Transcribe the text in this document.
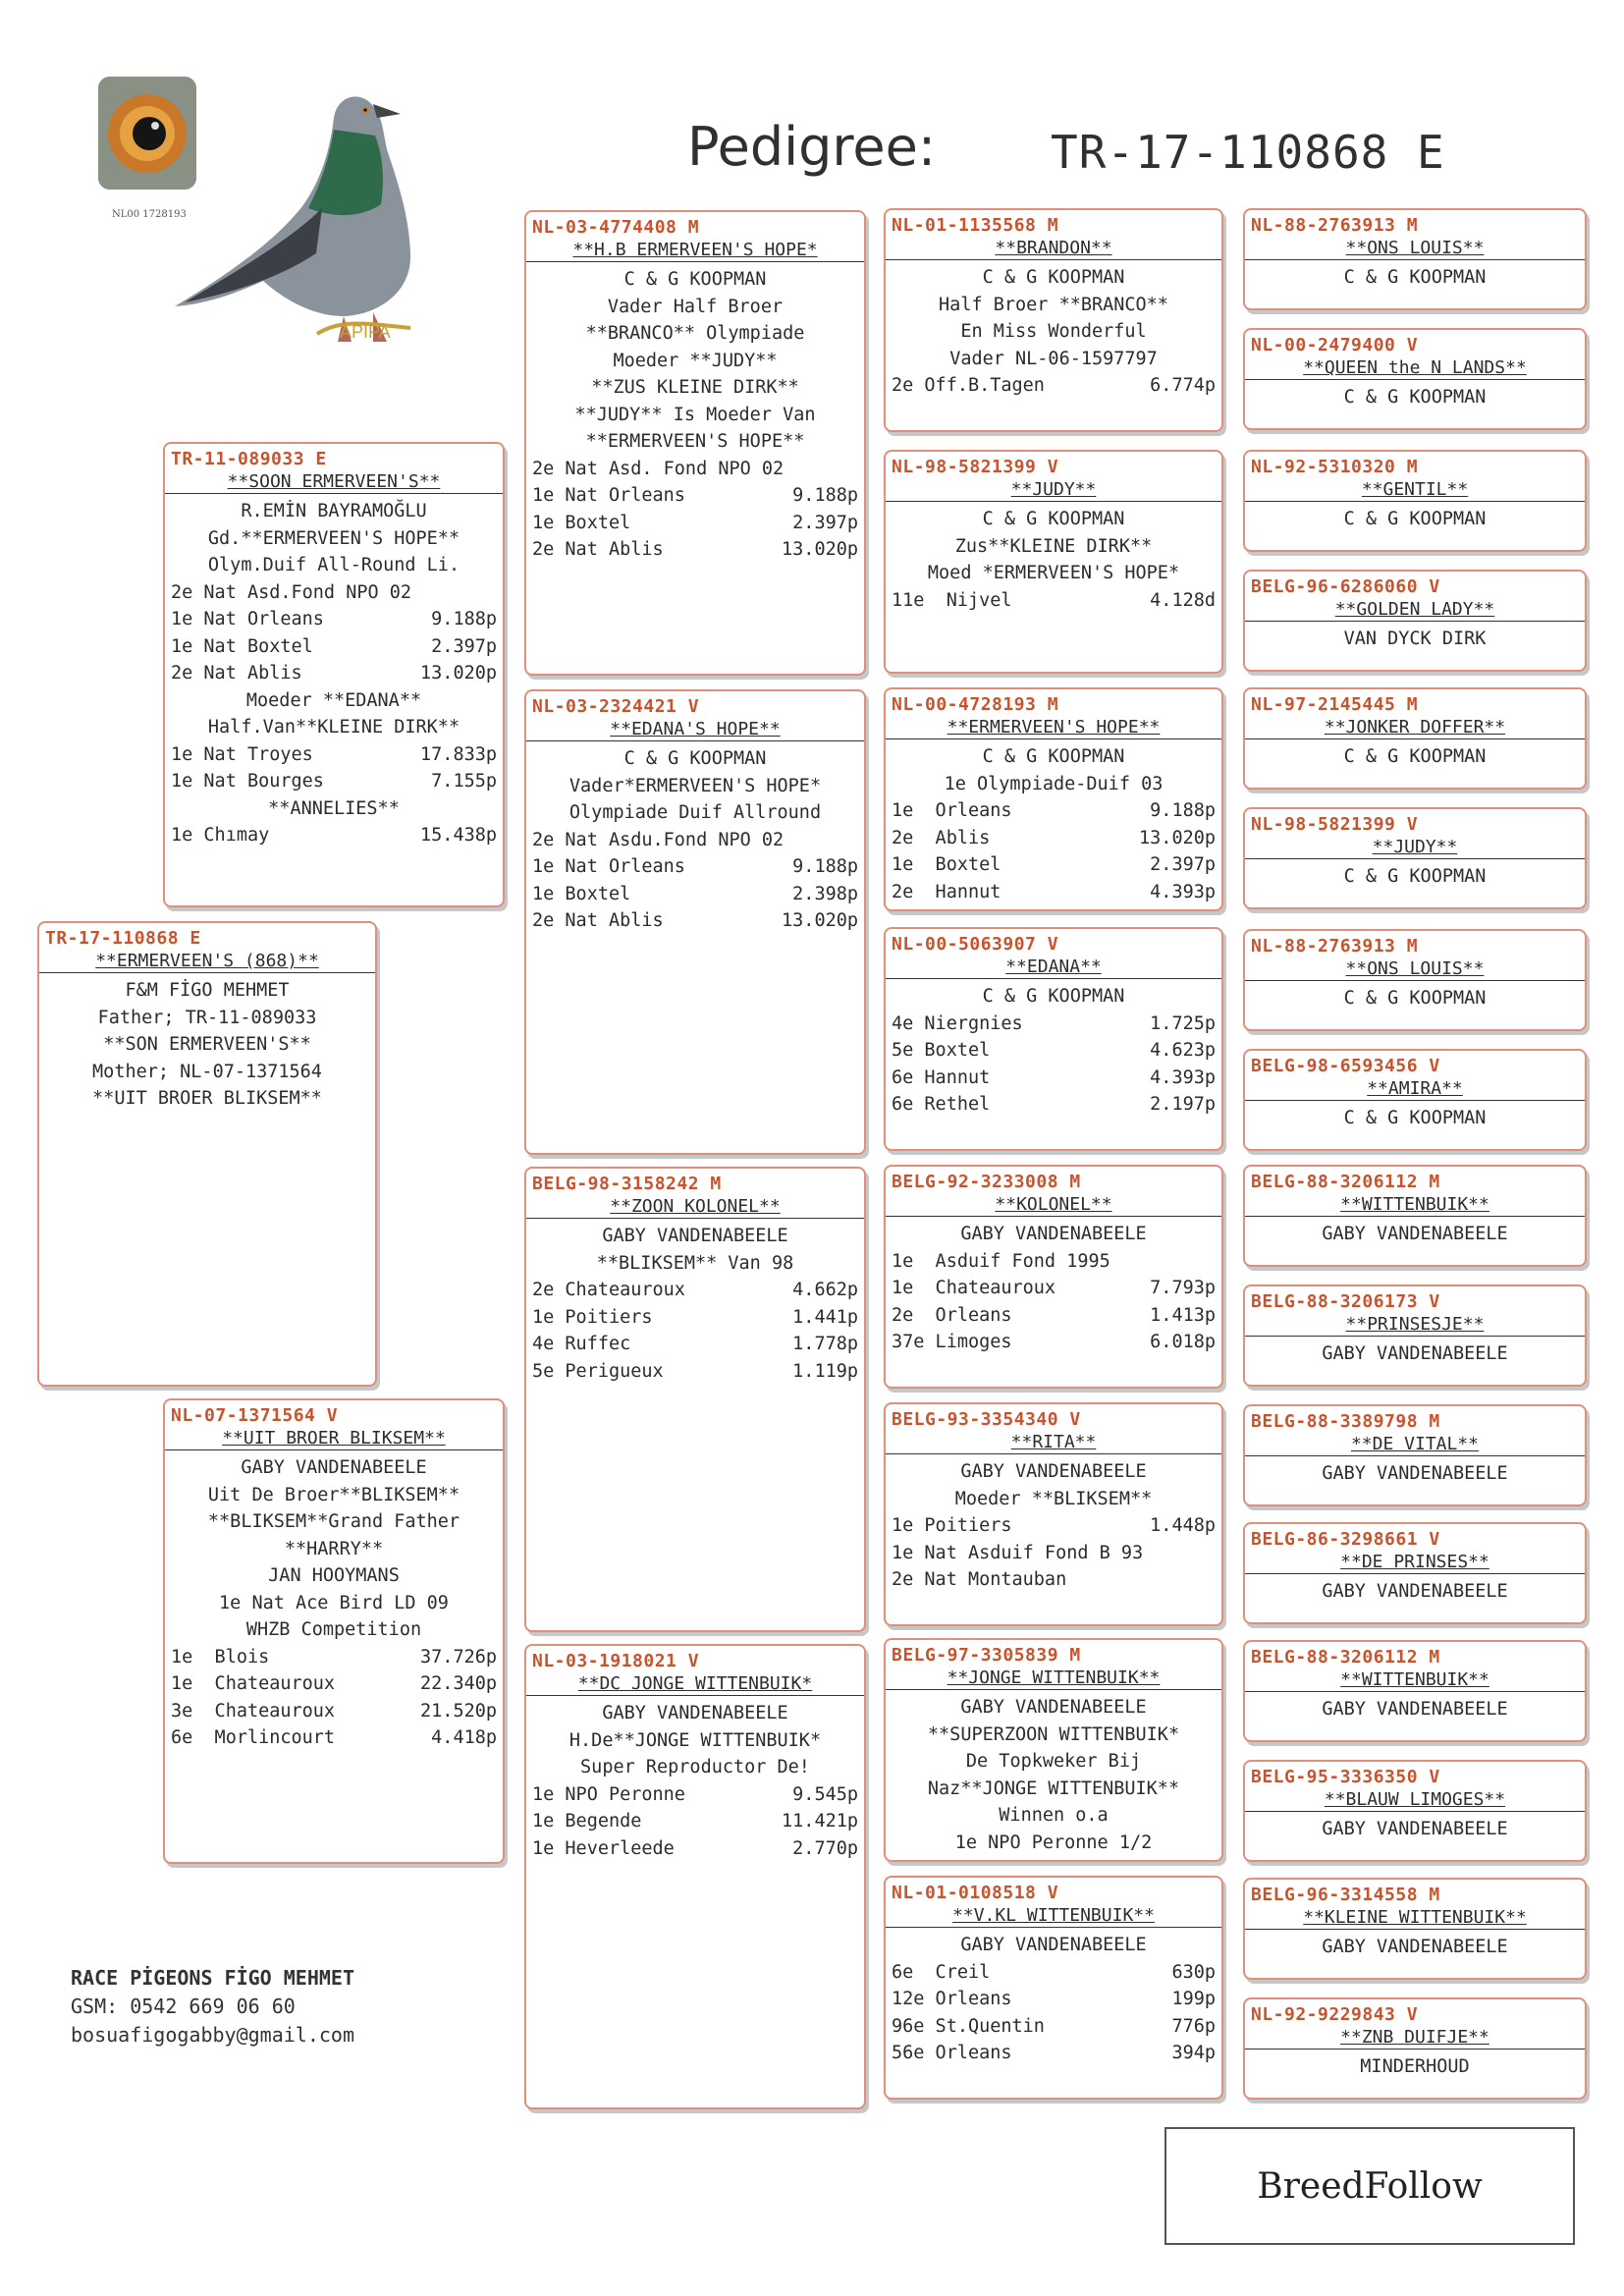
NL00 1728193
APIPA
Pedigree:	TR-17-110868 E
TR-17-110868 E
**ERMERVEEN'S (868)**
F&M FİGO MEHMET
Father; TR-11-089033
**SON ERMERVEEN'S**
Mother; NL-07-1371564
**UIT BROER BLIKSEM**
TR-11-089033 E
**SOON ERMERVEEN'S**
R.EMİN BAYRAMOĞLU
Gd.**ERMERVEEN'S HOPE**
Olym.Duif All-Round Li.
2e Nat Asd.Fond NPO 02
1e Nat Orleans	9.188p
1e Nat Boxtel	2.397p
2e Nat Ablis	13.020p
Moeder **EDANA**
Half.Van**KLEINE DIRK**
1e Nat Troyes	17.833p
1e Nat Bourges	7.155p
**ANNELIES**
1e Chımay	15.438p
NL-07-1371564 V
**UIT BROER BLIKSEM**
GABY VANDENABEELE
Uit De Broer**BLIKSEM**
**BLIKSEM**Grand Father
**HARRY**
JAN HOOYMANS
1e Nat Ace Bird LD 09
WHZB Competition
1e  Blois	37.726p
1e  Chateauroux	22.340p
3e  Chateauroux	21.520p
6e  Morlincourt	4.418p
NL-03-4774408 M
**H.B ERMERVEEN'S HOPE*
C & G KOOPMAN
Vader Half Broer
**BRANCO** Olympiade
Moeder **JUDY**
**ZUS KLEINE DIRK**
**JUDY** Is Moeder Van
**ERMERVEEN'S HOPE**
2e Nat Asd. Fond NPO 02
1e Nat Orleans	9.188p
1e Boxtel	2.397p
2e Nat Ablis	13.020p
NL-03-2324421 V
**EDANA'S HOPE**
C & G KOOPMAN
Vader*ERMERVEEN'S HOPE*
Olympiade Duif Allround
2e Nat Asdu.Fond NPO 02
1e Nat Orleans	9.188p
1e Boxtel	2.398p
2e Nat Ablis	13.020p
BELG-98-3158242 M
**ZOON KOLONEL**
GABY VANDENABEELE
**BLIKSEM** Van 98
2e Chateauroux	4.662p
1e Poitiers	1.441p
4e Ruffec	1.778p
5e Perigueux	1.119p
NL-03-1918021 V
**DC JONGE WITTENBUIK*
GABY VANDENABEELE
H.De**JONGE WITTENBUIK*
Super Reproductor De!
1e NPO Peronne	9.545p
1e Begende	11.421p
1e Heverleede	2.770p
NL-01-1135568 M
**BRANDON**
C & G KOOPMAN
Half Broer **BRANCO**
En Miss Wonderful
Vader NL-06-1597797
2e Off.B.Tagen	6.774p
NL-98-5821399 V
**JUDY**
C & G KOOPMAN
Zus**KLEINE DIRK**
Moed *ERMERVEEN'S HOPE*
11e  Nijvel	4.128d
NL-00-4728193 M
**ERMERVEEN'S HOPE**
C & G KOOPMAN
1e Olympiade-Duif 03
1e  Orleans	9.188p
2e  Ablis	13.020p
1e  Boxtel	2.397p
2e  Hannut	4.393p
NL-00-5063907 V
**EDANA**
C & G KOOPMAN
4e Niergnies	1.725p
5e Boxtel	4.623p
6e Hannut	4.393p
6e Rethel	2.197p
BELG-92-3233008 M
**KOLONEL**
GABY VANDENABEELE
1e  Asduif Fond 1995
1e  Chateauroux	7.793p
2e  Orleans	1.413p
37e Limoges	6.018p
BELG-93-3354340 V
**RITA**
GABY VANDENABEELE
Moeder **BLIKSEM**
1e Poitiers	1.448p
1e Nat Asduif Fond B 93
2e Nat Montauban
BELG-97-3305839 M
**JONGE WITTENBUIK**
GABY VANDENABEELE
**SUPERZOON WITTENBUIK*
De Topkweker Bij
Naz**JONGE WITTENBUIK**
Winnen o.a
1e NPO Peronne 1/2
NL-01-0108518 V
**V.KL WITTENBUIK**
GABY VANDENABEELE
6e  Creil	630p
12e Orleans	199p
96e St.Quentin	776p
56e Orleans	394p
NL-88-2763913 M
**ONS LOUIS**
C & G KOOPMAN
NL-00-2479400 V
**QUEEN the N LANDS**
C & G KOOPMAN
NL-92-5310320 M
**GENTIL**
C & G KOOPMAN
BELG-96-6286060 V
**GOLDEN LADY**
VAN DYCK DIRK
NL-97-2145445 M
**JONKER DOFFER**
C & G KOOPMAN
NL-98-5821399 V
**JUDY**
C & G KOOPMAN
NL-88-2763913 M
**ONS LOUIS**
C & G KOOPMAN
BELG-98-6593456 V
**AMIRA**
C & G KOOPMAN
BELG-88-3206112 M
**WITTENBUIK**
GABY VANDENABEELE
BELG-88-3206173 V
**PRINSESJE**
GABY VANDENABEELE
BELG-88-3389798 M
**DE VITAL**
GABY VANDENABEELE
BELG-86-3298661 V
**DE PRINSES**
GABY VANDENABEELE
BELG-88-3206112 M
**WITTENBUIK**
GABY VANDENABEELE
BELG-95-3336350 V
**BLAUW LIMOGES**
GABY VANDENABEELE
BELG-96-3314558 M
**KLEINE WITTENBUIK**
GABY VANDENABEELE
NL-92-9229843 V
**ZNB DUIFJE**
MINDERHOUD
RACE PİGEONS FİGO MEHMET
GSM: 0542 669 06 60
bosuafigogabby@gmail.com
BreedFollow
